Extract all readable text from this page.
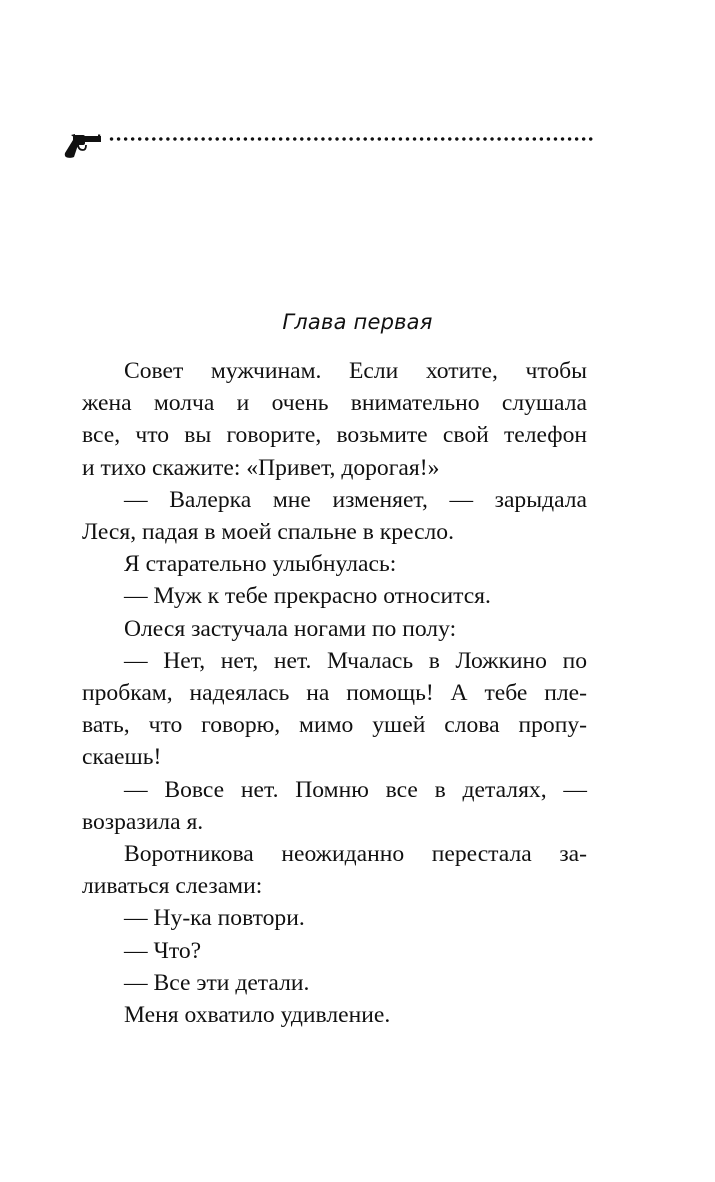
Глава первая
Совет мужчинам. Если хотите, чтобы
жена молча и очень внимательно слушала
все, что вы говорите, возьмите свой телефон
и тихо скажите: «Привет, дорогая!»
— Валерка мне изменяет, — зарыдала
Леся, падая в моей спальне в кресло.
Я старательно улыбнулась:
— Муж к тебе прекрасно относится.
Олеся застучала ногами по полу:
— Нет, нет, нет. Мчалась в Ложкино по
пробкам, надеялась на помощь! А тебе пле-
вать, что говорю, мимо ушей слова пропу-
скаешь!
— Вовсе нет. Помню все в деталях, —
возразила я.
Воротникова неожиданно перестала за-
ливаться слезами:
— Ну-ка повтори.
— Что?
— Все эти детали.
Меня охватило удивление.
